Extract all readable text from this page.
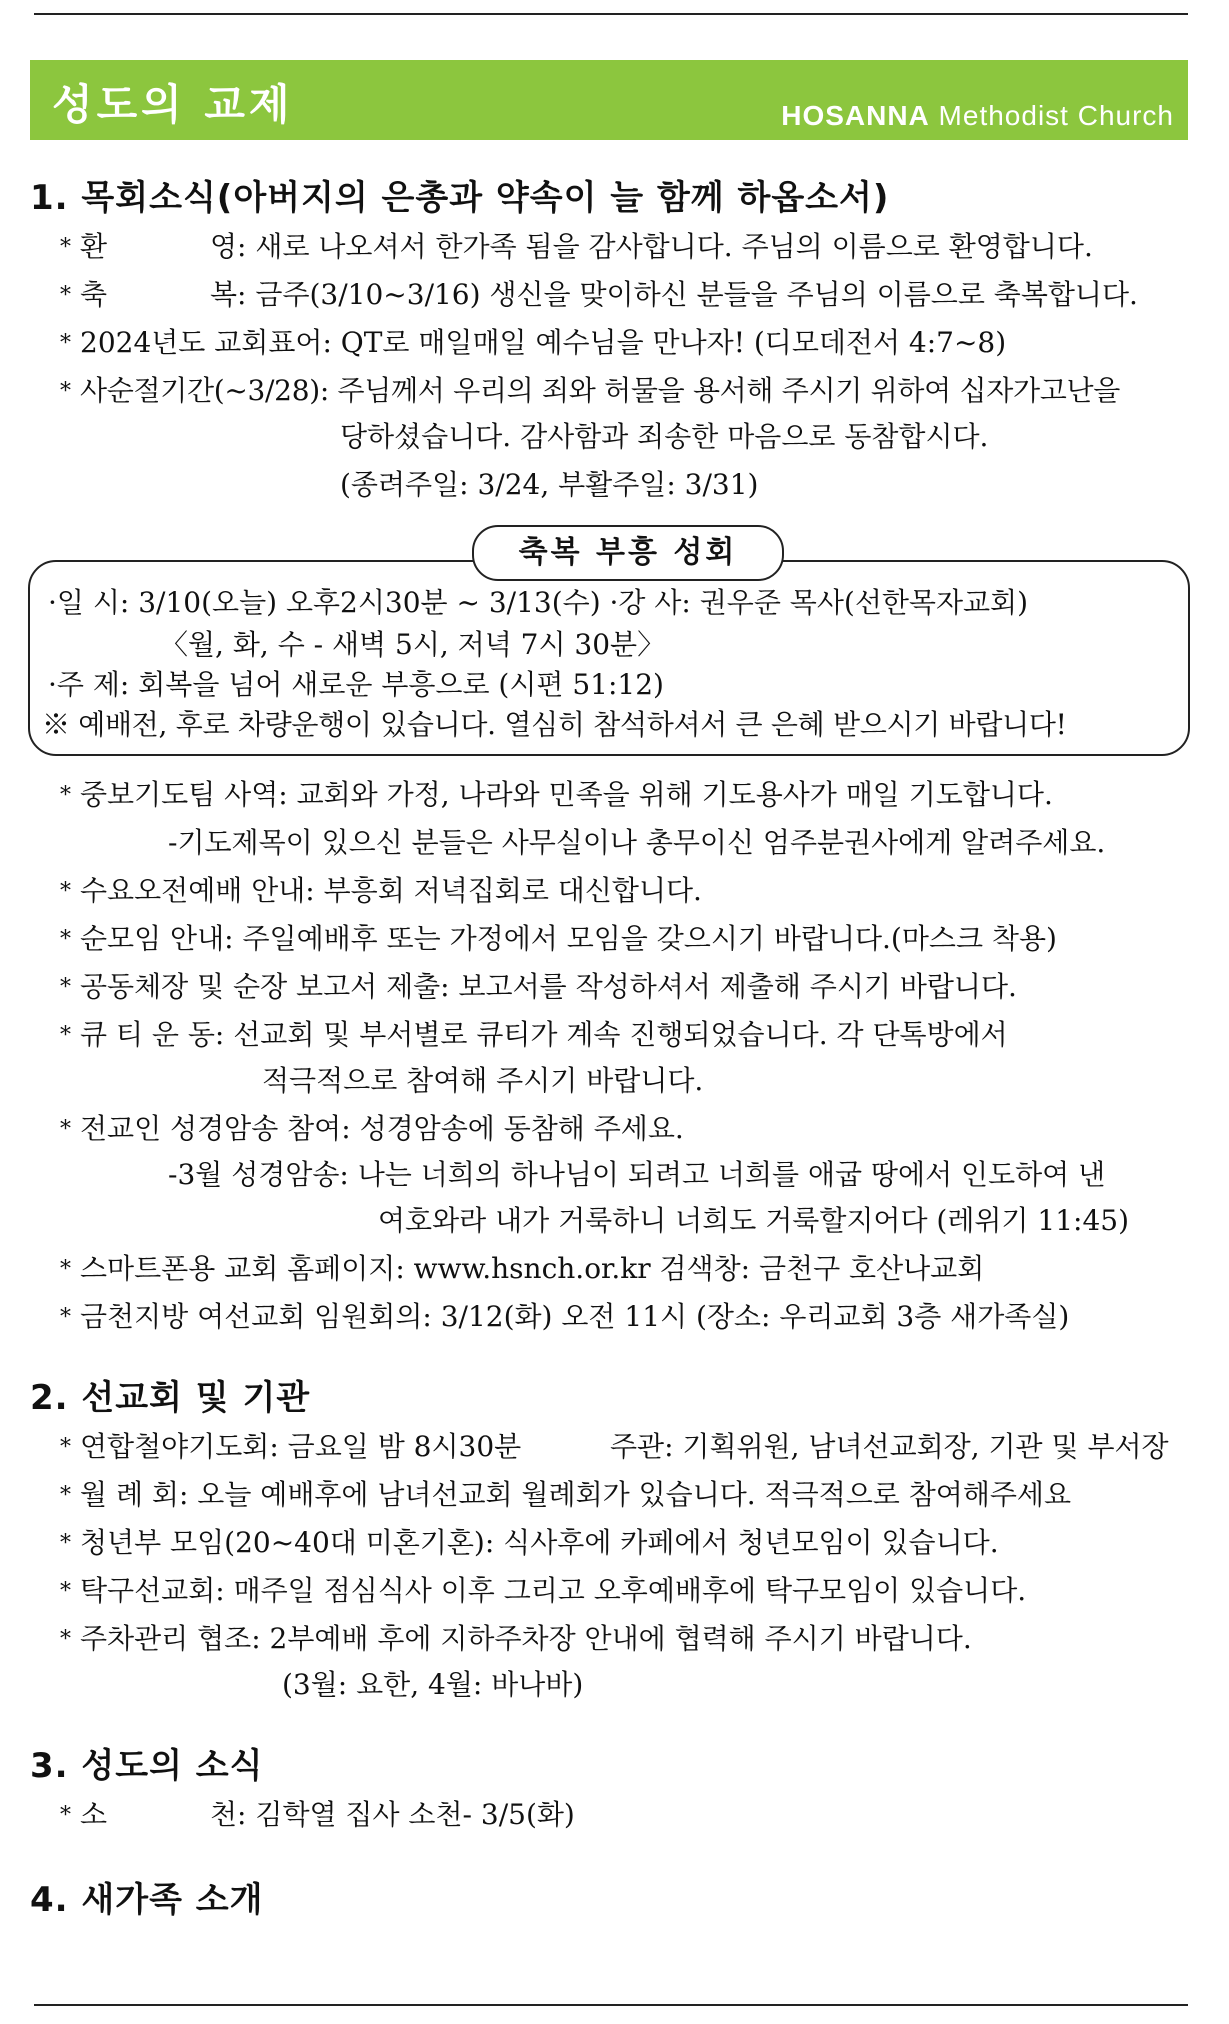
성도의 교제	HOSANNA Methodist Church
1. 목회소식(아버지의 은총과 약속이 늘 함께 하옵소서)
* 환	영: 새로 나오셔서 한가족 됨을 감사합니다. 주님의 이름으로 환영합니다.
* 축	복: 금주(3/10~3/16) 생신을 맞이하신 분들을 주님의 이름으로 축복합니다.
* 2024년도 교회표어: QT로 매일매일 예수님을 만나자! (디모데전서 4:7~8)
* 사순절기간(~3/28): 주님께서 우리의 죄와 허물을 용서해 주시기 위하여 십자가고난을
당하셨습니다. 감사함과 죄송한 마음으로 동참합시다.
(종려주일: 3/24, 부활주일: 3/31)
축복 부흥 성회
·일 시: 3/10(오늘) 오후2시30분 ~ 3/13(수) ·강 사: 권우준 목사(선한목자교회)
〈월, 화, 수 - 새벽 5시, 저녁 7시 30분〉
·주 제: 회복을 넘어 새로운 부흥으로 (시편 51:12)
※ 예배전, 후로 차량운행이 있습니다. 열심히 참석하셔서 큰 은혜 받으시기 바랍니다!
* 중보기도팀 사역: 교회와 가정, 나라와 민족을 위해 기도용사가 매일 기도합니다.
-기도제목이 있으신 분들은 사무실이나 총무이신 엄주분권사에게 알려주세요.
* 수요오전예배 안내: 부흥회 저녁집회로 대신합니다.
* 순모임 안내: 주일예배후 또는 가정에서 모임을 갖으시기 바랍니다.(마스크 착용)
* 공동체장 및 순장 보고서 제출: 보고서를 작성하셔서 제출해 주시기 바랍니다.
* 큐 티 운 동: 선교회 및 부서별로 큐티가 계속 진행되었습니다. 각 단톡방에서
적극적으로 참여해 주시기 바랍니다.
* 전교인 성경암송 참여: 성경암송에 동참해 주세요.
-3월 성경암송: 나는 너희의 하나님이 되려고 너희를 애굽 땅에서 인도하여 낸
여호와라 내가 거룩하니 너희도 거룩할지어다 (레위기 11:45)
* 스마트폰용 교회 홈페이지: www.hsnch.or.kr 검색창: 금천구 호산나교회
* 금천지방 여선교회 임원회의: 3/12(화) 오전 11시 (장소: 우리교회 3층 새가족실)
2. 선교회 및 기관
* 연합철야기도회: 금요일 밤 8시30분	주관: 기획위원, 남녀선교회장, 기관 및 부서장
* 월 례 회: 오늘 예배후에 남녀선교회 월례회가 있습니다. 적극적으로 참여해주세요
* 청년부 모임(20~40대 미혼기혼): 식사후에 카페에서 청년모임이 있습니다.
* 탁구선교회: 매주일 점심식사 이후 그리고 오후예배후에 탁구모임이 있습니다.
* 주차관리 협조: 2부예배 후에 지하주차장 안내에 협력해 주시기 바랍니다.
(3월: 요한, 4월: 바나바)
3. 성도의 소식
* 소	천: 김학열 집사 소천- 3/5(화)
4. 새가족 소개
